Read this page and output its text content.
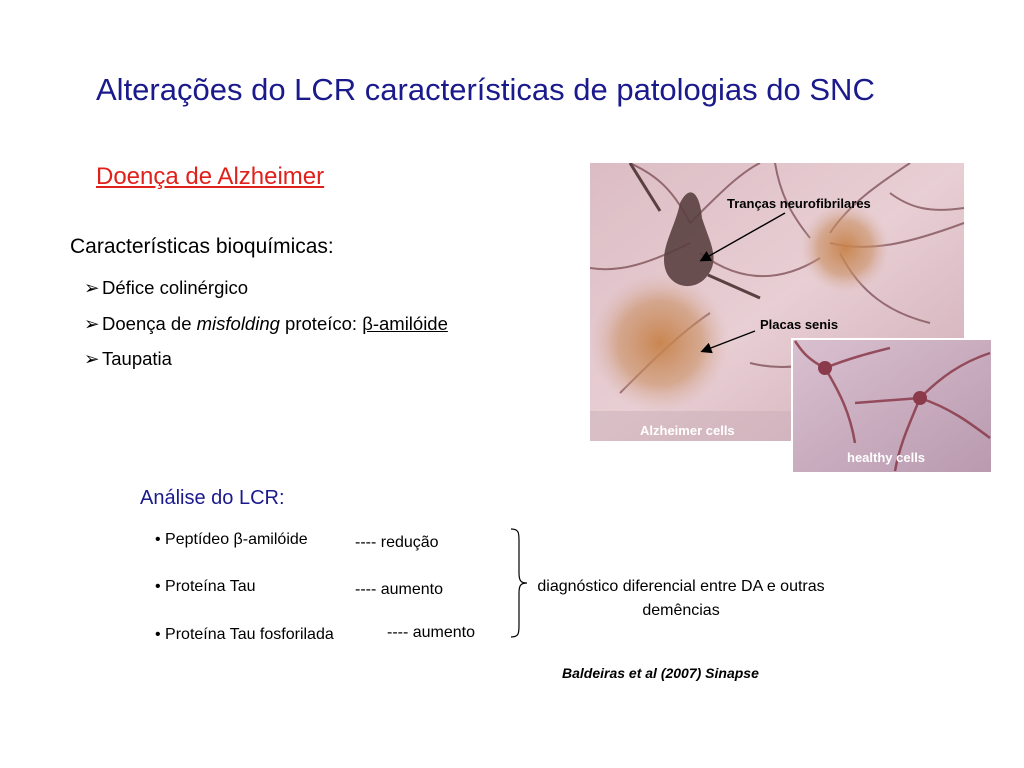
Alterações do LCR características de patologias do SNC
Doença de Alzheimer
Características bioquímicas:
➢ Défice colinérgico
➢ Doença de misfolding proteíco: β-amilóide
➢ Taupatia
Alzheimer cells
healthy cells
Tranças neurofibrilares
Placas senis
Análise do LCR:
• Peptídeo β-amilóide	---- redução
• Proteína Tau	---- aumento
• Proteína Tau fosforilada	---- aumento
diagnóstico diferencial entre DA e outras demências
Baldeiras et al (2007) Sinapse
